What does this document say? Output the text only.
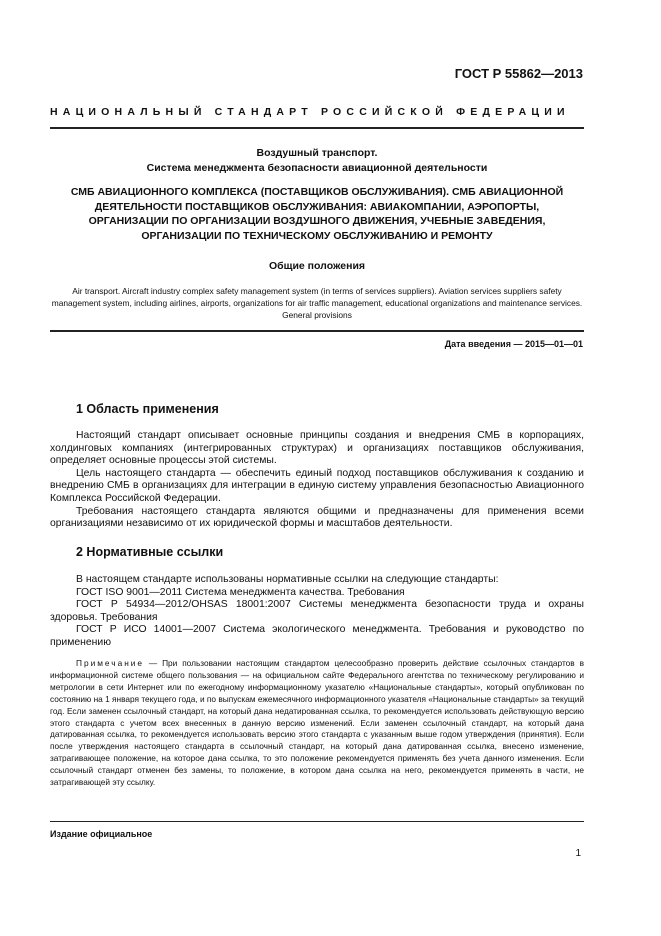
ГОСТ Р 55862—2013
НАЦИОНАЛЬНЫЙ СТАНДАРТ РОССИЙСКОЙ ФЕДЕРАЦИИ
Воздушный транспорт.
Система менеджмента безопасности авиационной деятельности
СМБ АВИАЦИОННОГО КОМПЛЕКСА (ПОСТАВЩИКОВ ОБСЛУЖИВАНИЯ). СМБ АВИАЦИОННОЙ ДЕЯТЕЛЬНОСТИ ПОСТАВЩИКОВ ОБСЛУЖИВАНИЯ: АВИАКОМПАНИИ, АЭРОПОРТЫ, ОРГАНИЗАЦИИ ПО ОРГАНИЗАЦИИ ВОЗДУШНОГО ДВИЖЕНИЯ, УЧЕБНЫЕ ЗАВЕДЕНИЯ, ОРГАНИЗАЦИИ ПО ТЕХНИЧЕСКОМУ ОБСЛУЖИВАНИЮ И РЕМОНТУ
Общие положения
Air transport. Aircraft industry complex safety management system (in terms of services suppliers). Aviation services suppliers safety management system, including airlines, airports, organizations for air traffic management, educational organizations and maintenance services. General provisions
Дата введения — 2015—01—01
1 Область применения

Настоящий стандарт описывает основные принципы создания и внедрения СМБ в корпорациях, холдинговых компаниях (интегрированных структурах) и организациях поставщиков обслуживания, определяет основные процессы этой системы.

Цель настоящего стандарта — обеспечить единый подход поставщиков обслуживания к созданию и внедрению СМБ в организациях для интеграции в единую систему управления безопасностью Авиационного Комплекса Российской Федерации.

Требования настоящего стандарта являются общими и предназначены для применения всеми организациями независимо от их юридической формы и масштабов деятельности.

2 Нормативные ссылки

В настоящем стандарте использованы нормативные ссылки на следующие стандарты:

ГОСТ ISO 9001—2011 Система менеджмента качества. Требования

ГОСТ Р 54934—2012/OHSAS 18001:2007 Системы менеджмента безопасности труда и охраны здоровья. Требования

ГОСТ Р ИСО 14001—2007 Система экологического менеджмента. Требования и руководство по применению

Примечание — При пользовании настоящим стандартом целесообразно проверить действие ссылочных стандартов в информационной системе общего пользования — на официальном сайте Федерального агентства по техническому регулированию и метрологии в сети Интернет или по ежегодному информационному указателю «Национальные стандарты», который опубликован по состоянию на 1 января текущего года, и по выпускам ежемесячного информационного указателя «Национальные стандарты» за текущий год. Если заменен ссылочный стандарт, на который дана недатированная ссылка, то рекомендуется использовать действующую версию этого стандарта с учетом всех внесенных в данную версию изменений. Если заменен ссылочный стандарт, на который дана датированная ссылка, то рекомендуется использовать версию этого стандарта с указанным выше годом утверждения (принятия). Если после утверждения настоящего стандарта в ссылочный стандарт, на который дана датированная ссылка, внесено изменение, затрагивающее положение, на которое дана ссылка, то это положение рекомендуется применять без учета данного изменения. Если ссылочный стандарт отменен без замены, то положение, в котором дана ссылка на него, рекомендуется применять в части, не затрагивающей эту ссылку.
Издание официальное
1
